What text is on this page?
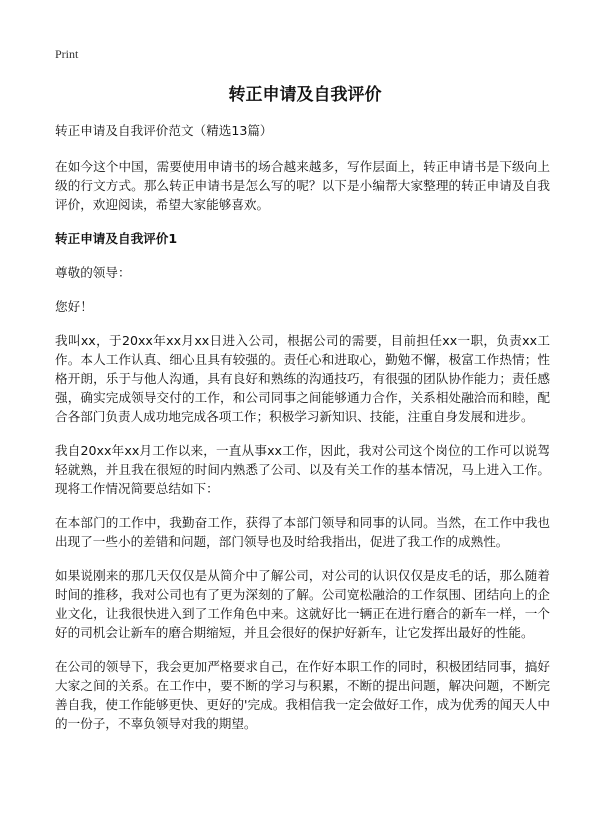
Print
转正申请及自我评价

转正申请及自我评价范文（精选13篇）

在如今这个中国，需要使用申请书的场合越来越多，写作层面上，转正申请书是下级向上级的行文方式。那么转正申请书是怎么写的呢？以下是小编帮大家整理的转正申请及自我评价，欢迎阅读，希望大家能够喜欢。

转正申请及自我评价1

尊敬的领导：

您好！

我叫xx，于20xx年xx月xx日进入公司，根据公司的需要，目前担任xx一职，负责xx工作。本人工作认真、细心且具有较强的。责任心和进取心，勤勉不懈，极富工作热情；性格开朗，乐于与他人沟通，具有良好和熟练的沟通技巧，有很强的团队协作能力；责任感强，确实完成领导交付的工作，和公司同事之间能够通力合作，关系相处融洽而和睦，配合各部门负责人成功地完成各项工作；积极学习新知识、技能，注重自身发展和进步。

我自20xx年xx月工作以来，一直从事xx工作，因此，我对公司这个岗位的工作可以说驾轻就熟，并且我在很短的时间内熟悉了公司、以及有关工作的基本情况，马上进入工作。现将工作情况简要总结如下：

在本部门的工作中，我勤奋工作，获得了本部门领导和同事的认同。当然，在工作中我也出现了一些小的差错和问题，部门领导也及时给我指出，促进了我工作的成熟性。

如果说刚来的那几天仅仅是从简介中了解公司，对公司的认识仅仅是皮毛的话，那么随着时间的推移，我对公司也有了更为深刻的了解。公司宽松融洽的工作氛围、团结向上的企业文化，让我很快进入到了工作角色中来。这就好比一辆正在进行磨合的新车一样，一个好的司机会让新车的磨合期缩短，并且会很好的保护好新车，让它发挥出最好的性能。

在公司的领导下，我会更加严格要求自己，在作好本职工作的同时，积极团结同事，搞好大家之间的关系。在工作中，要不断的学习与积累，不断的提出问题，解决问题，不断完善自我，使工作能够更快、更好的'完成。我相信我一定会做好工作，成为优秀的闻天人中的一份子，不辜负领导对我的期望。
